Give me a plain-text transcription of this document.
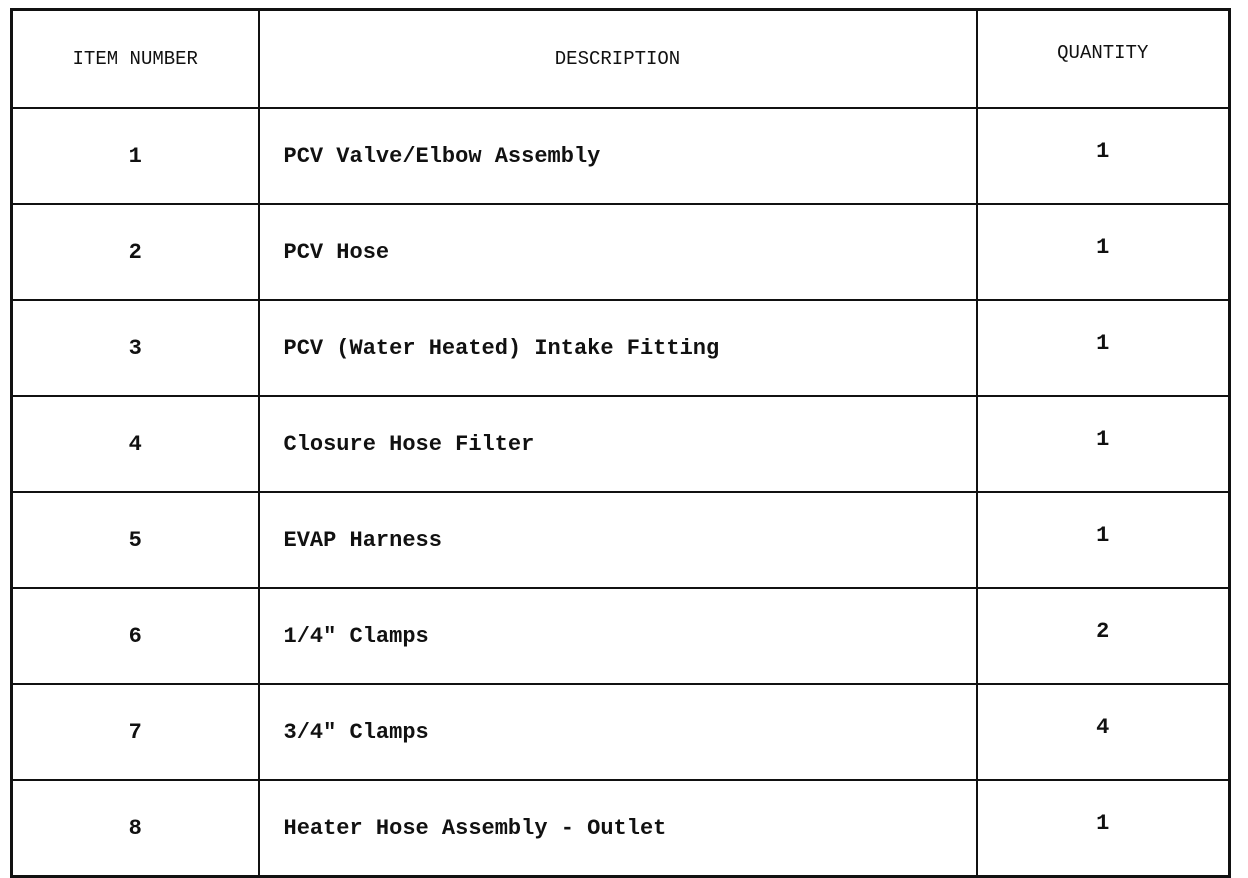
ITEM NUMBER	DESCRIPTION	QUANTITY
1	PCV Valve/Elbow Assembly	1
2	PCV Hose	1
3	PCV (Water Heated) Intake Fitting	1
4	Closure Hose Filter	1
5	EVAP Harness	1
6	1/4" Clamps	2
7	3/4" Clamps	4
8	Heater Hose Assembly - Outlet	1
